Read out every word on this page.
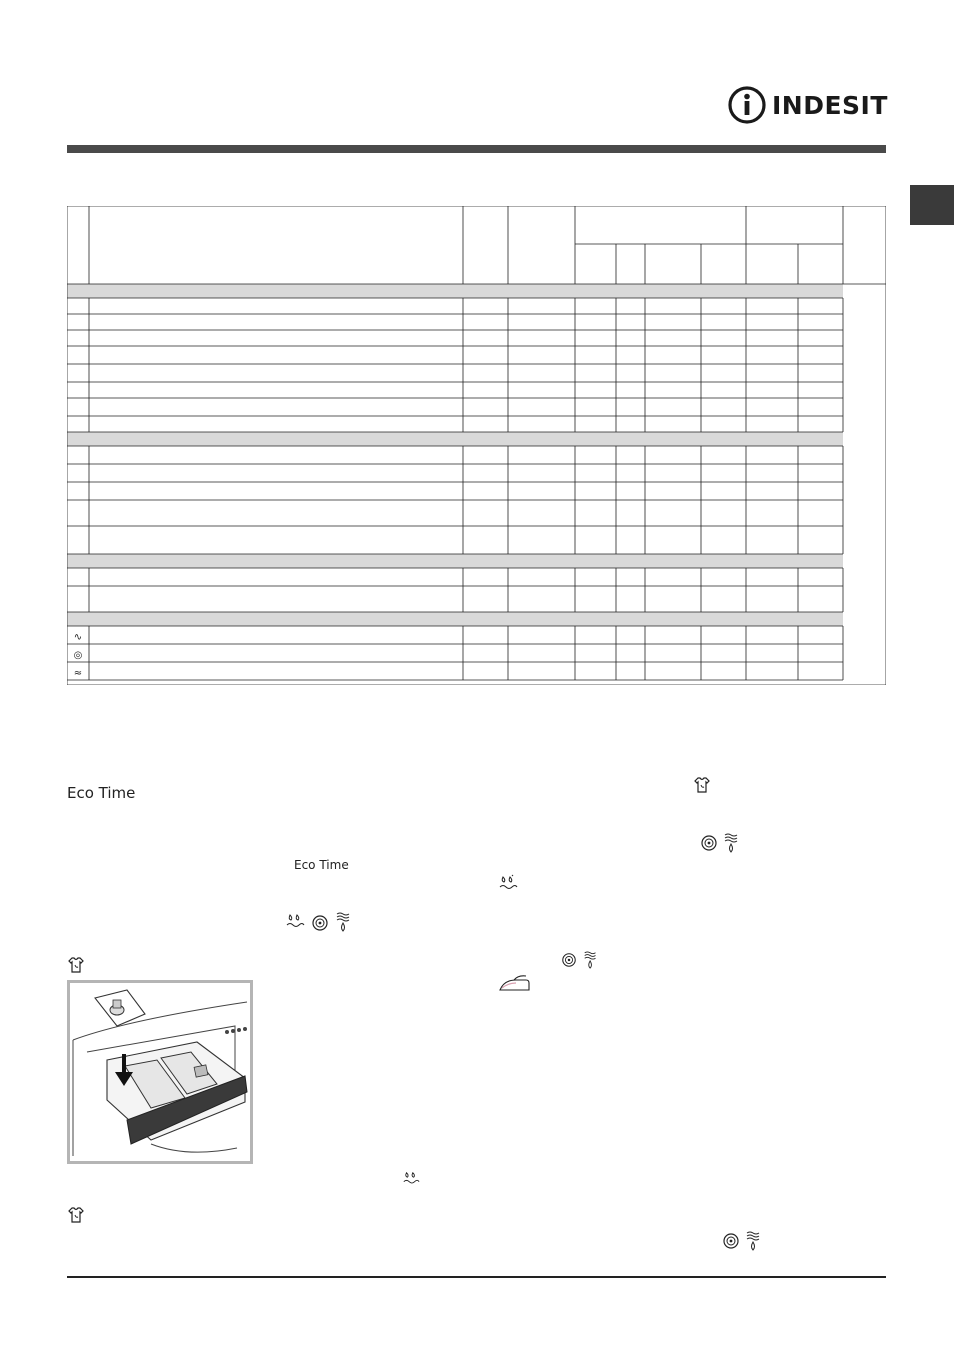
INDESIT
∿
◎
≈
Eco Time
Eco Time
